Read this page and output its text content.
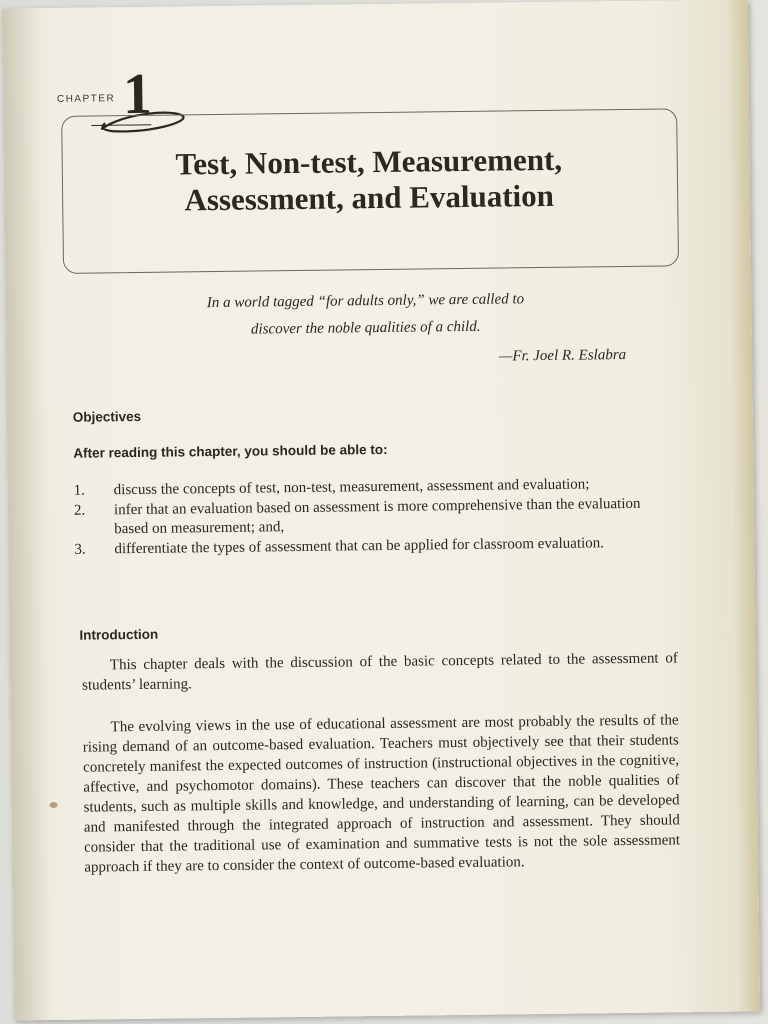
CHAPTER 1
Test, Non-test, Measurement,
Assessment, and Evaluation
In a world tagged “for adults only,” we are called to
discover the noble qualities of a child.
—Fr. Joel R. Eslabra
Objectives
After reading this chapter, you should be able to:
1. discuss the concepts of test, non-test, measurement, assessment and evaluation;
2. infer that an evaluation based on assessment is more comprehensive than the evaluation based on measurement; and,
3. differentiate the types of assessment that can be applied for classroom evaluation.
Introduction

This chapter deals with the discussion of the basic concepts related to the assessment of students’ learning.

The evolving views in the use of educational assessment are most probably the results of the rising demand of an outcome-based evaluation. Teachers must objectively see that their students concretely manifest the expected outcomes of instruction (instructional objectives in the cognitive, affective, and psychomotor domains). These teachers can discover that the noble qualities of students, such as multiple skills and knowledge, and understanding of learning, can be developed and manifested through the integrated approach of instruction and assessment. They should consider that the traditional use of examination and summative tests is not the sole assessment approach if they are to consider the context of outcome-based evaluation.
